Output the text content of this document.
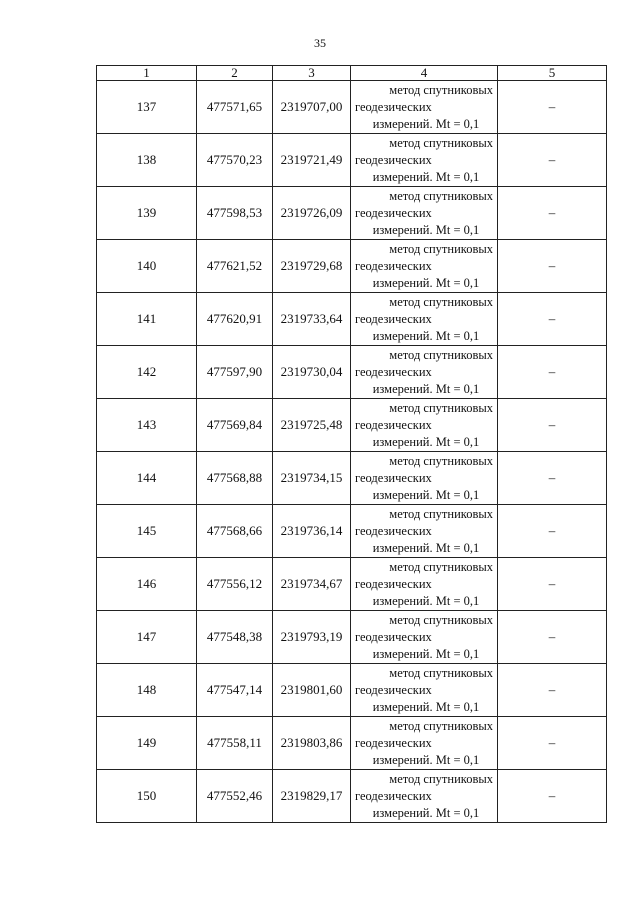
35
1	2	3	4	5
137	477571,65	2319707,00	метод спутниковых
геодезических
измерений. Mt = 0,1	–
138	477570,23	2319721,49	метод спутниковых
геодезических
измерений. Mt = 0,1	–
139	477598,53	2319726,09	метод спутниковых
геодезических
измерений. Mt = 0,1	–
140	477621,52	2319729,68	метод спутниковых
геодезических
измерений. Mt = 0,1	–
141	477620,91	2319733,64	метод спутниковых
геодезических
измерений. Mt = 0,1	–
142	477597,90	2319730,04	метод спутниковых
геодезических
измерений. Mt = 0,1	–
143	477569,84	2319725,48	метод спутниковых
геодезических
измерений. Mt = 0,1	–
144	477568,88	2319734,15	метод спутниковых
геодезических
измерений. Mt = 0,1	–
145	477568,66	2319736,14	метод спутниковых
геодезических
измерений. Mt = 0,1	–
146	477556,12	2319734,67	метод спутниковых
геодезических
измерений. Mt = 0,1	–
147	477548,38	2319793,19	метод спутниковых
геодезических
измерений. Mt = 0,1	–
148	477547,14	2319801,60	метод спутниковых
геодезических
измерений. Mt = 0,1	–
149	477558,11	2319803,86	метод спутниковых
геодезических
измерений. Mt = 0,1	–
150	477552,46	2319829,17	метод спутниковых
геодезических
измерений. Mt = 0,1	–
